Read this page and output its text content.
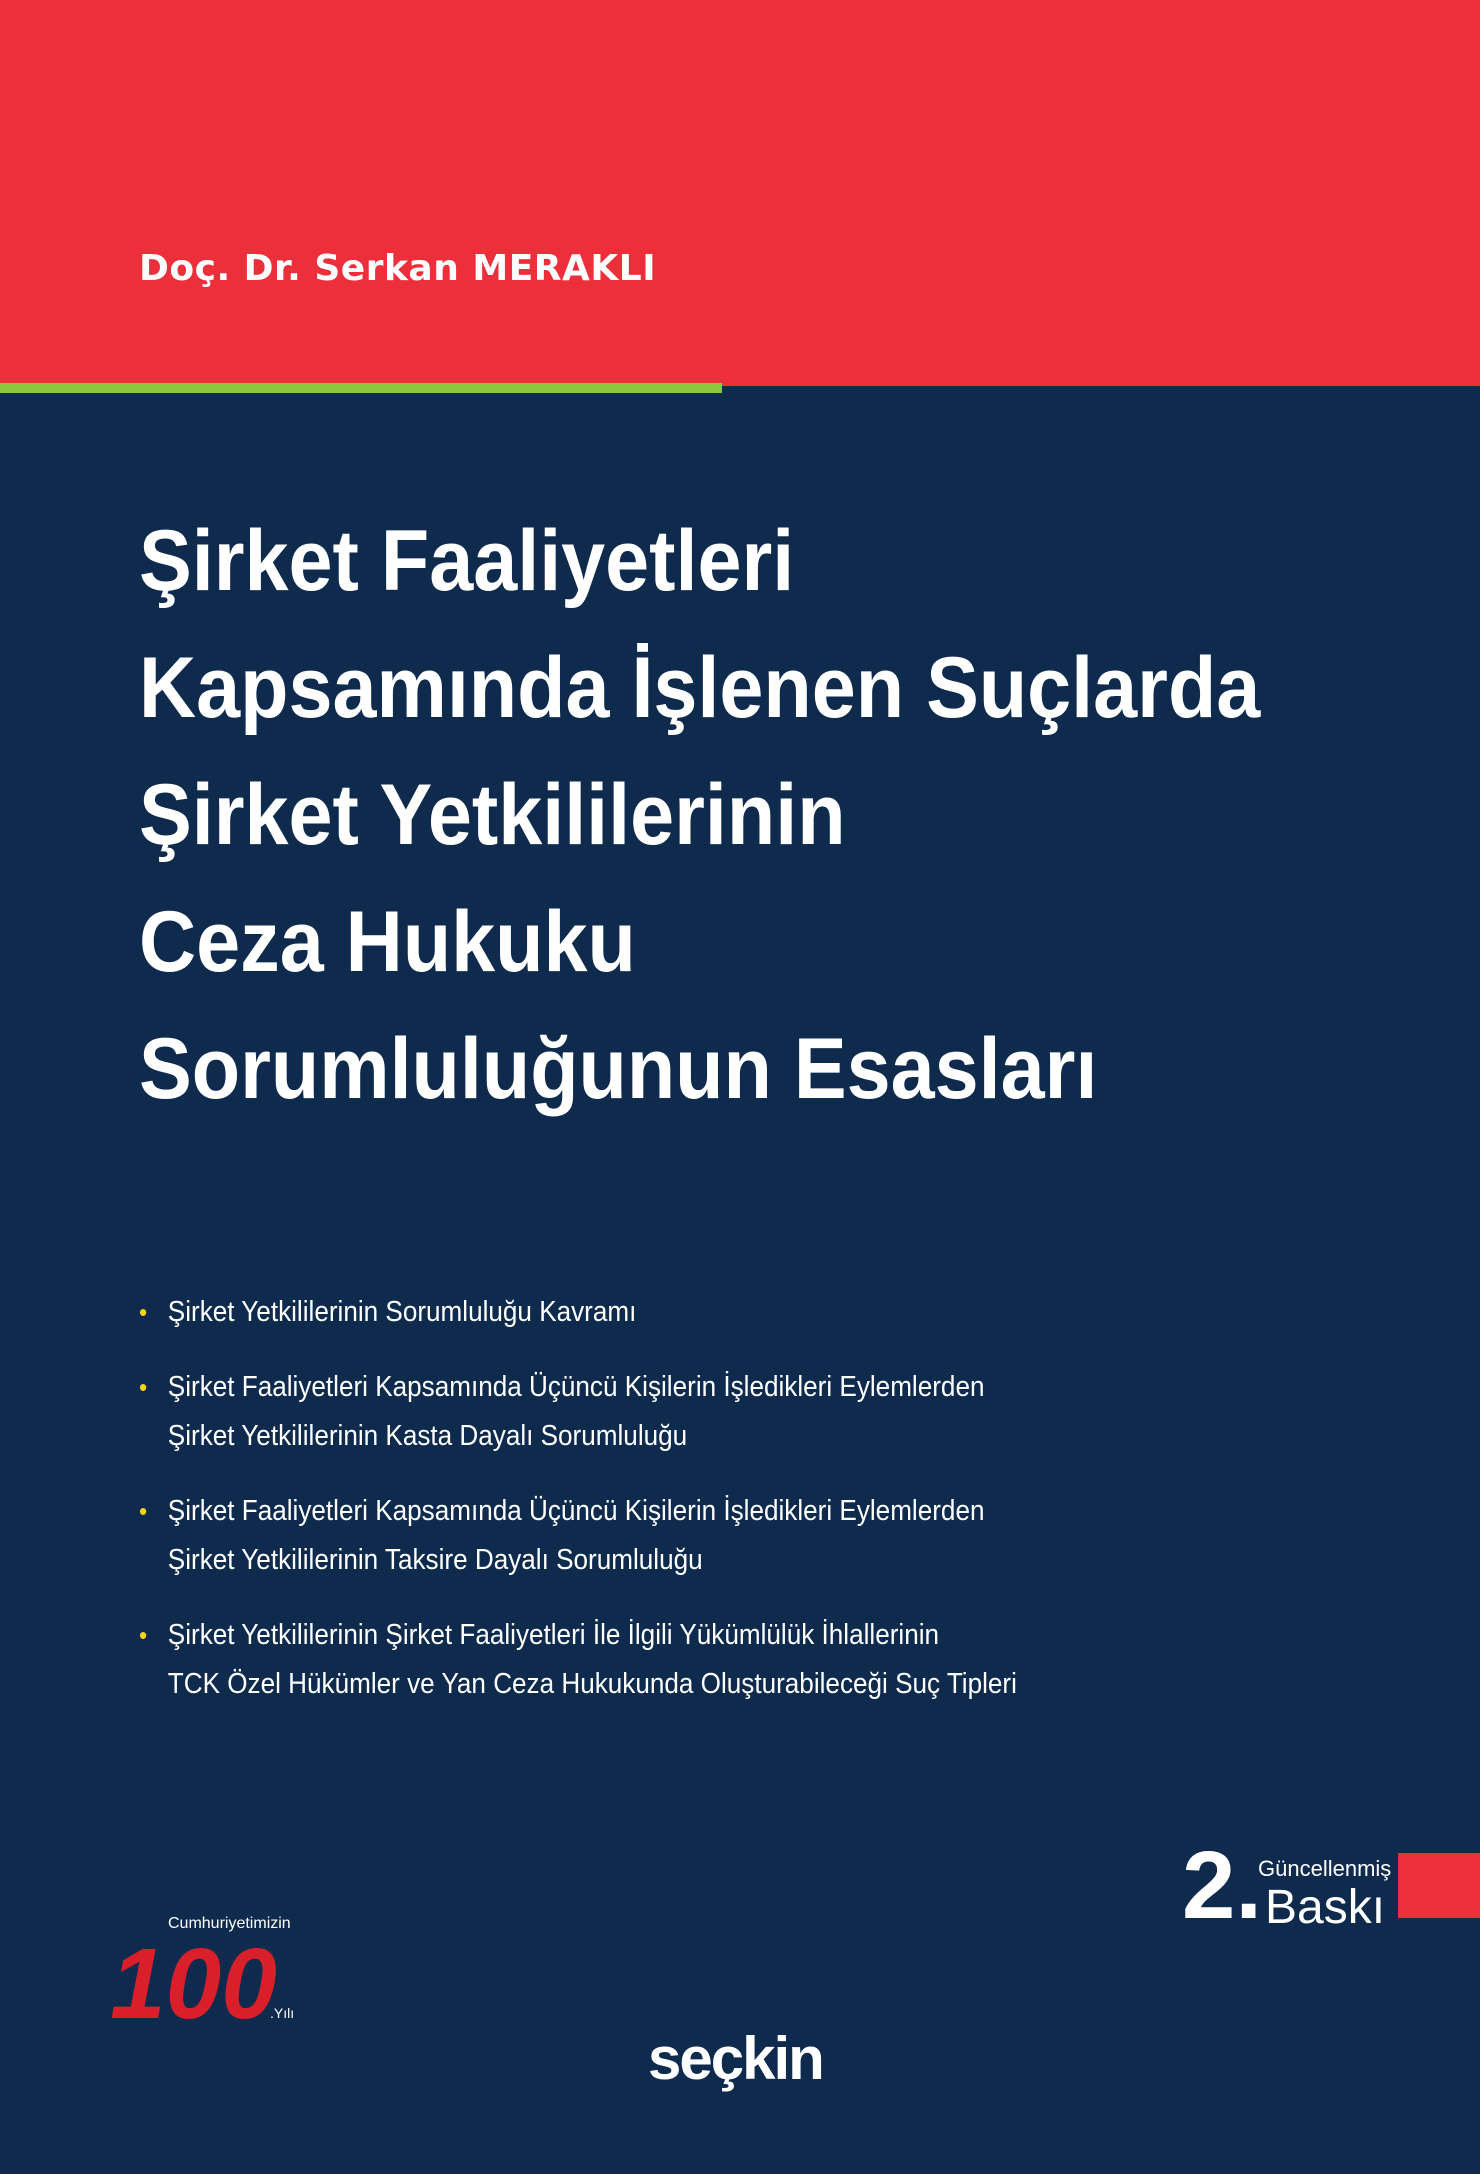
Doç. Dr. Serkan MERAKLI
Şirket Faaliyetleri
Kapsamında İşlenen Suçlarda
Şirket Yetkililerinin
Ceza Hukuku
Sorumluluğunun Esasları
• Şirket Yetkililerinin Sorumluluğu Kavramı
• Şirket Faaliyetleri Kapsamında Üçüncü Kişilerin İşledikleri Eylemlerden
Şirket Yetkililerinin Kasta Dayalı Sorumluluğu
• Şirket Faaliyetleri Kapsamında Üçüncü Kişilerin İşledikleri Eylemlerden
Şirket Yetkililerinin Taksire Dayalı Sorumluluğu
• Şirket Yetkililerinin Şirket Faaliyetleri İle İlgili Yükümlülük İhlallerinin
TCK Özel Hükümler ve Yan Ceza Hukukunda Oluşturabileceği Suç Tipleri
2.
Güncellenmiş
Baskı
Cumhuriyetimizin
100
.Yılı
seçkin
